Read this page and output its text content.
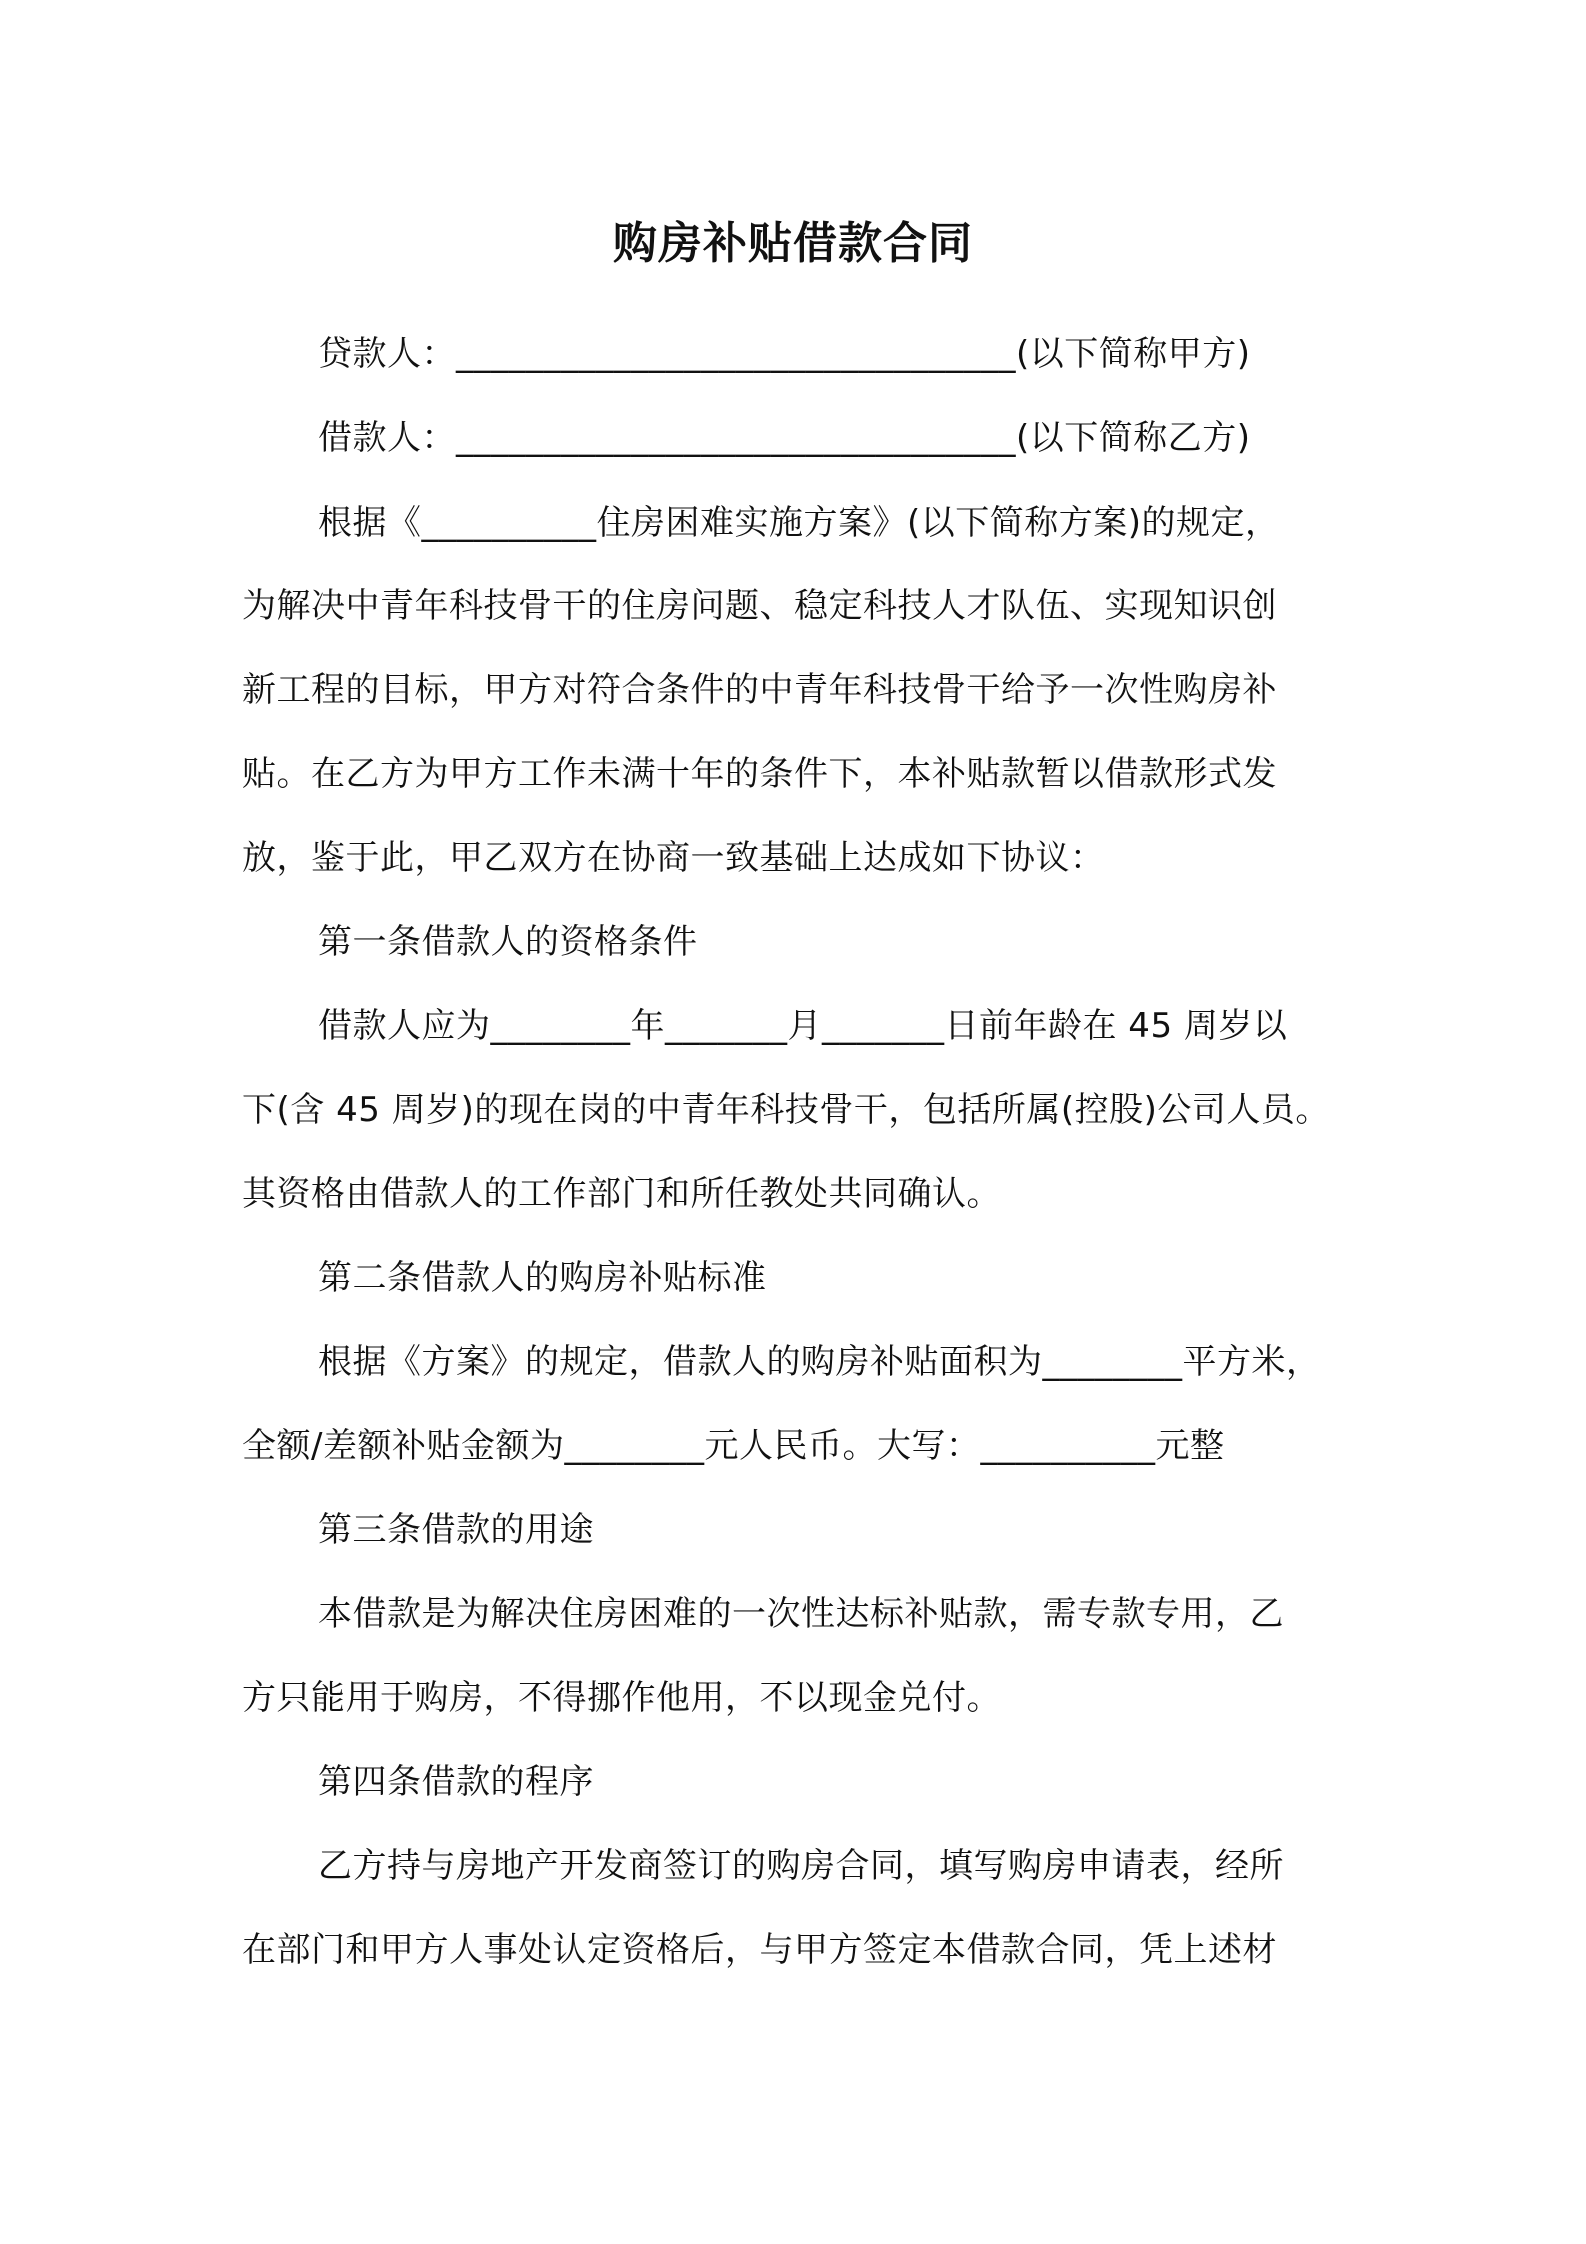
购房补贴借款合同
贷款人：________________________________(以下简称甲方)
借款人：________________________________(以下简称乙方)
根据《__________住房困难实施方案》(以下简称方案)的规定，
为解决中青年科技骨干的住房问题、稳定科技人才队伍、实现知识创
新工程的目标，甲方对符合条件的中青年科技骨干给予一次性购房补
贴。在乙方为甲方工作未满十年的条件下，本补贴款暂以借款形式发
放，鉴于此，甲乙双方在协商一致基础上达成如下协议：
第一条借款人的资格条件
借款人应为________年_______月_______日前年龄在 45 周岁以
下(含 45 周岁)的现在岗的中青年科技骨干，包括所属(控股)公司人员。
其资格由借款人的工作部门和所任教处共同确认。
第二条借款人的购房补贴标准
根据《方案》的规定，借款人的购房补贴面积为________平方米，
全额/差额补贴金额为________元人民币。大写：__________元整
第三条借款的用途
本借款是为解决住房困难的一次性达标补贴款，需专款专用，乙
方只能用于购房，不得挪作他用，不以现金兑付。
第四条借款的程序
乙方持与房地产开发商签订的购房合同，填写购房申请表，经所
在部门和甲方人事处认定资格后，与甲方签定本借款合同，凭上述材
